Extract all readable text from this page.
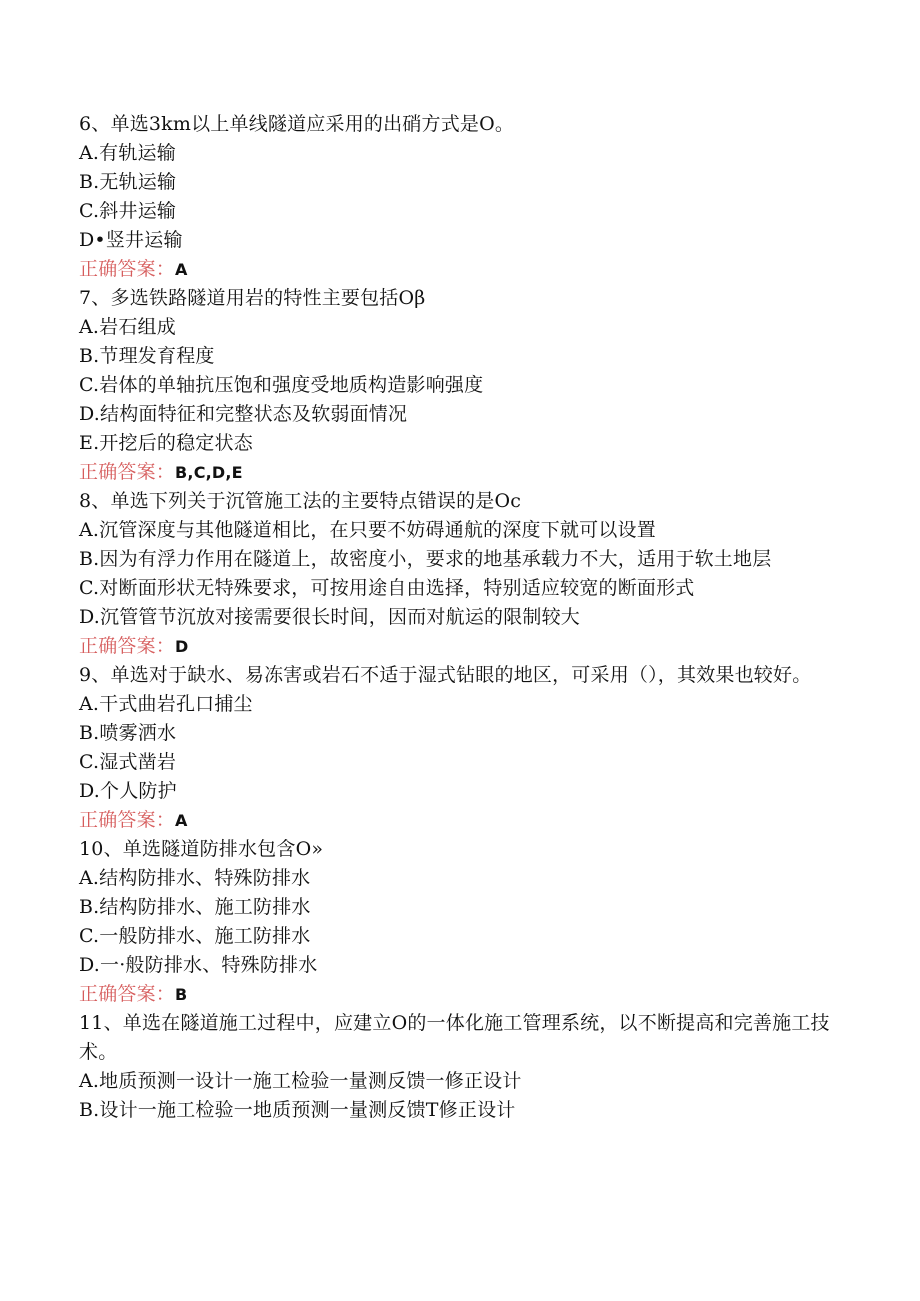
6、单选3km以上单线隧道应采用的出硝方式是O。
A.有轨运输
B.无轨运输
C.斜井运输
D•竖井运输
正确答案：A
7、多选铁路隧道用岩的特性主要包括Oβ
A.岩石组成
B.节理发育程度
C.岩体的单轴抗压饱和强度受地质构造影响强度
D.结构面特征和完整状态及软弱面情况
E.开挖后的稳定状态
正确答案：B,C,D,E
8、单选下列关于沉管施工法的主要特点错误的是Oc
A.沉管深度与其他隧道相比，在只要不妨碍通航的深度下就可以设置
B.因为有浮力作用在隧道上，故密度小，要求的地基承载力不大，适用于软土地层
C.对断面形状无特殊要求，可按用途自由选择，特别适应较宽的断面形式
D.沉管管节沉放对接需要很长时间，因而对航运的限制较大
正确答案：D
9、单选对于缺水、易冻害或岩石不适于湿式钻眼的地区，可采用（），其效果也较好。
A.干式曲岩孔口捕尘
B.喷雾洒水
C.湿式凿岩
D.个人防护
正确答案：A
10、单选隧道防排水包含O»
A.结构防排水、特殊防排水
B.结构防排水、施工防排水
C.一般防排水、施工防排水
D.一·般防排水、特殊防排水
正确答案：B
11、单选在隧道施工过程中，应建立O的一体化施工管理系统，以不断提高和完善施工技术。
A.地质预测一设计一施工检验一量测反馈一修正设计
B.设计一施工检验一地质预测一量测反馈T修正设计
